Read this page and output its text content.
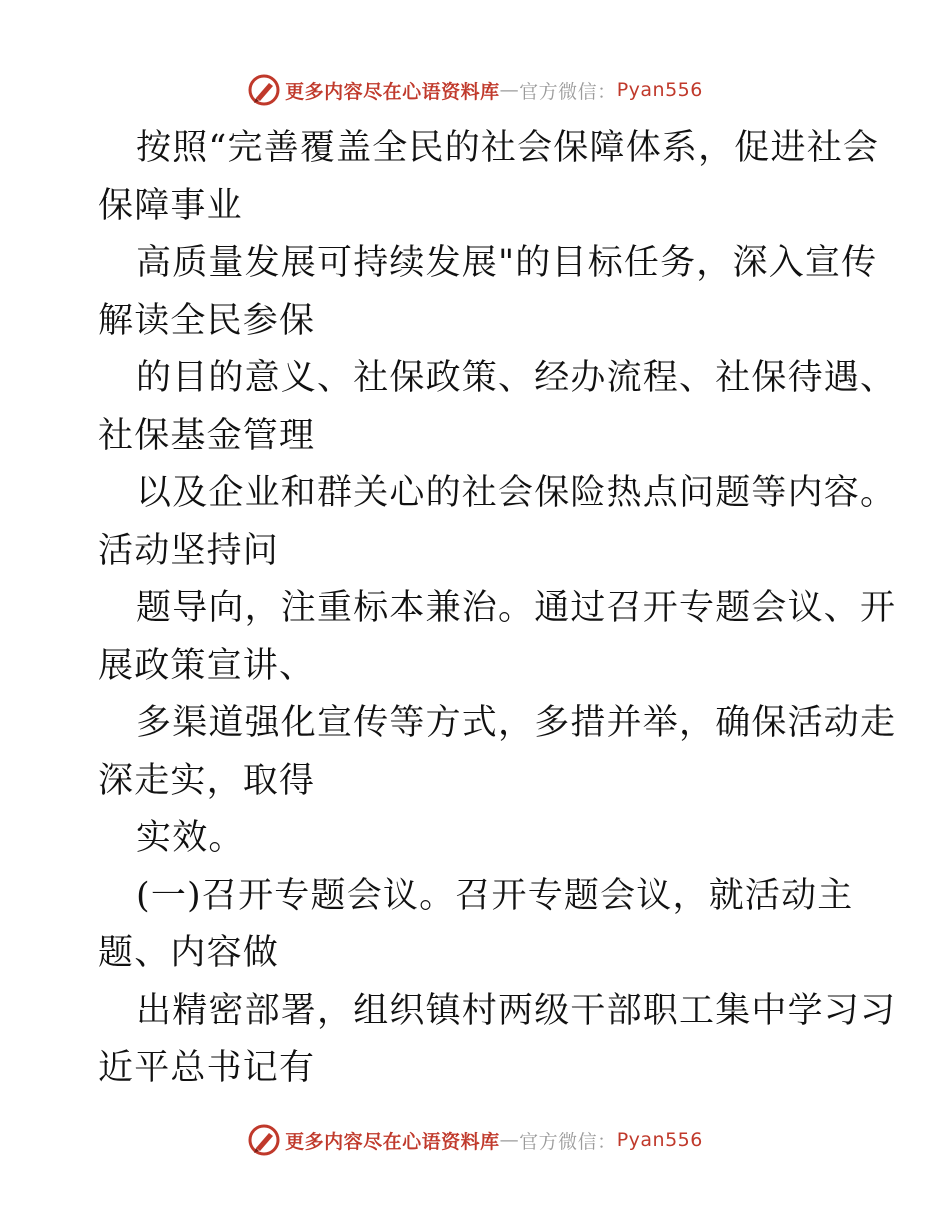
更多内容尽在心语资料库 — 官方微信： Pyan556
按照“完善覆盖全民的社会保障体系，促进社会
保障事业
高质量发展可持续发展"的目标任务，深入宣传
解读全民参保
的目的意义、社保政策、经办流程、社保待遇、
社保基金管理
以及企业和群关心的社会保险热点问题等内容。
活动坚持问
题导向，注重标本兼治。通过召开专题会议、开
展政策宣讲、
多渠道强化宣传等方式，多措并举，确保活动走
深走实，取得
实效。
(一)召开专题会议。召开专题会议，就活动主
题、内容做
出精密部署，组织镇村两级干部职工集中学习习
近平总书记有
更多内容尽在心语资料库 — 官方微信： Pyan556
